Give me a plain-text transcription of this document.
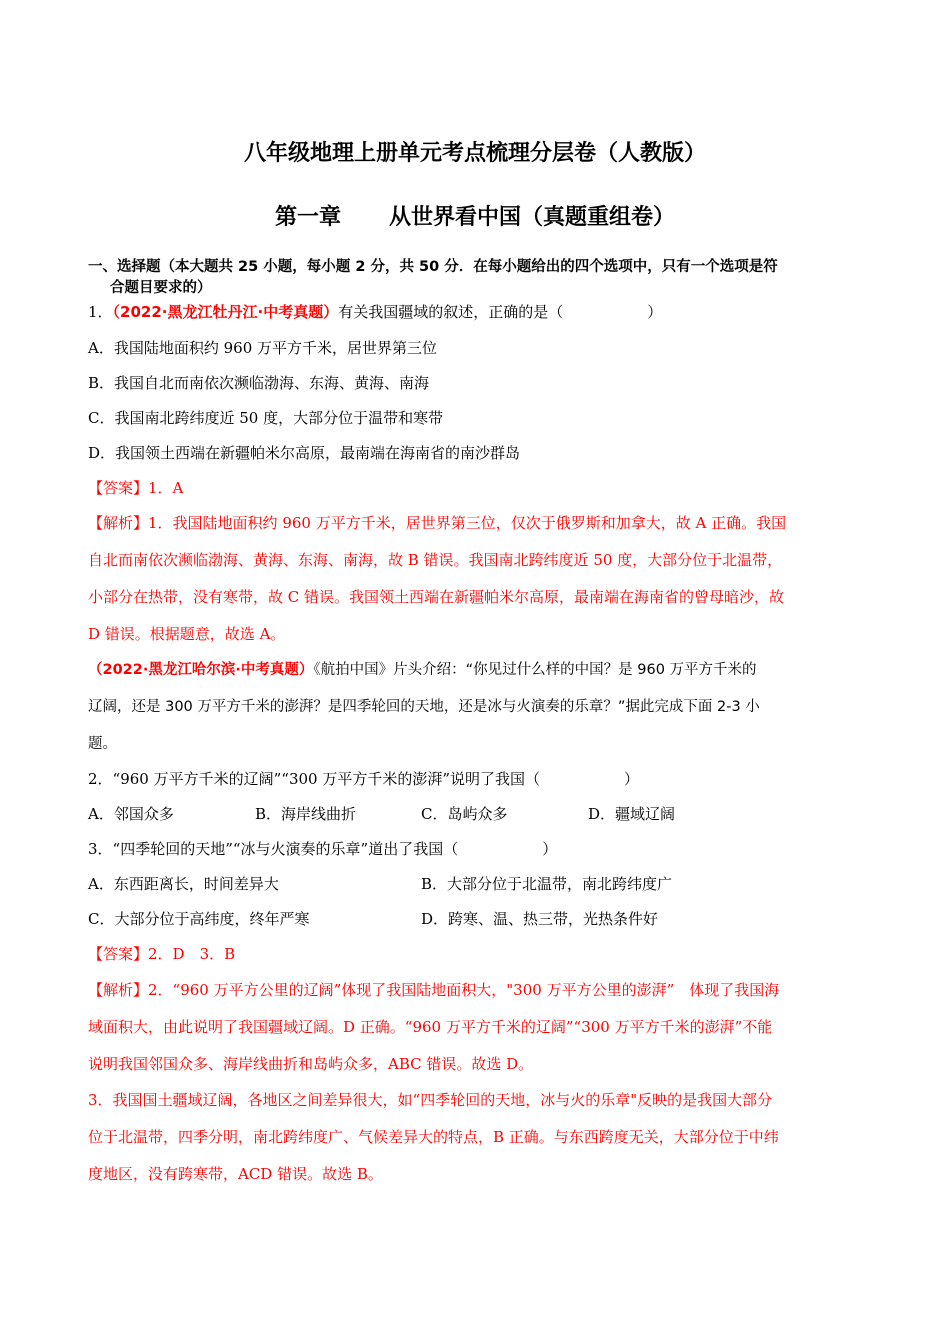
八年级地理上册单元考点梳理分层卷（人教版）
第一章 从世界看中国（真题重组卷）
一、选择题（本大题共 25 小题，每小题 2 分，共 50 分．在每小题给出的四个选项中，只有一个选项是符
合题目要求的）
1．（2022·黑龙江牡丹江·中考真题）有关我国疆域的叙述，正确的是（	）
A．我国陆地面积约 960 万平方千米，居世界第三位
B．我国自北而南依次濒临渤海、东海、黄海、南海
C．我国南北跨纬度近 50 度，大部分位于温带和寒带
D．我国领土西端在新疆帕米尔高原，最南端在海南省的南沙群岛
【答案】1．A
【解析】1．我国陆地面积约 960 万平方千米，居世界第三位，仅次于俄罗斯和加拿大，故 A 正确。我国
自北而南依次濒临渤海、黄海、东海、南海，故 B 错误。我国南北跨纬度近 50 度，大部分位于北温带，
小部分在热带，没有寒带，故 C 错误。我国领土西端在新疆帕米尔高原，最南端在海南省的曾母暗沙，故
D 错误。根据题意，故选 A。
（2022·黑龙江哈尔滨·中考真题）《航拍中国》片头介绍：“你见过什么样的中国？是 960 万平方千米的
辽阔，还是 300 万平方千米的澎湃？是四季轮回的天地，还是冰与火演奏的乐章？”据此完成下面 2-3 小
题。
2．“960 万平方千米的辽阔”“300 万平方千米的澎湃”说明了我国（	）
A．邻国众多	B．海岸线曲折	C．岛屿众多	D．疆域辽阔
3．“四季轮回的天地”“冰与火演奏的乐章”道出了我国（	）
A．东西距离长，时间差异大	B．大部分位于北温带，南北跨纬度广
C．大部分位于高纬度，终年严寒	D．跨寒、温、热三带，光热条件好
【答案】2．D　3．B
【解析】2．“960 万平方公里的辽阔”体现了我国陆地面积大，"300 万平方公里的澎湃”　体现了我国海
域面积大，由此说明了我国疆域辽阔。D 正确。“960 万平方千米的辽阔”“300 万平方千米的澎湃”不能
说明我国邻国众多、海岸线曲折和岛屿众多，ABC 错误。故选 D。
3．我国国土疆域辽阔，各地区之间差异很大，如“四季轮回的天地，冰与火的乐章"反映的是我国大部分
位于北温带，四季分明，南北跨纬度广、气候差异大的特点，B 正确。与东西跨度无关，大部分位于中纬
度地区，没有跨寒带，ACD 错误。故选 B。
